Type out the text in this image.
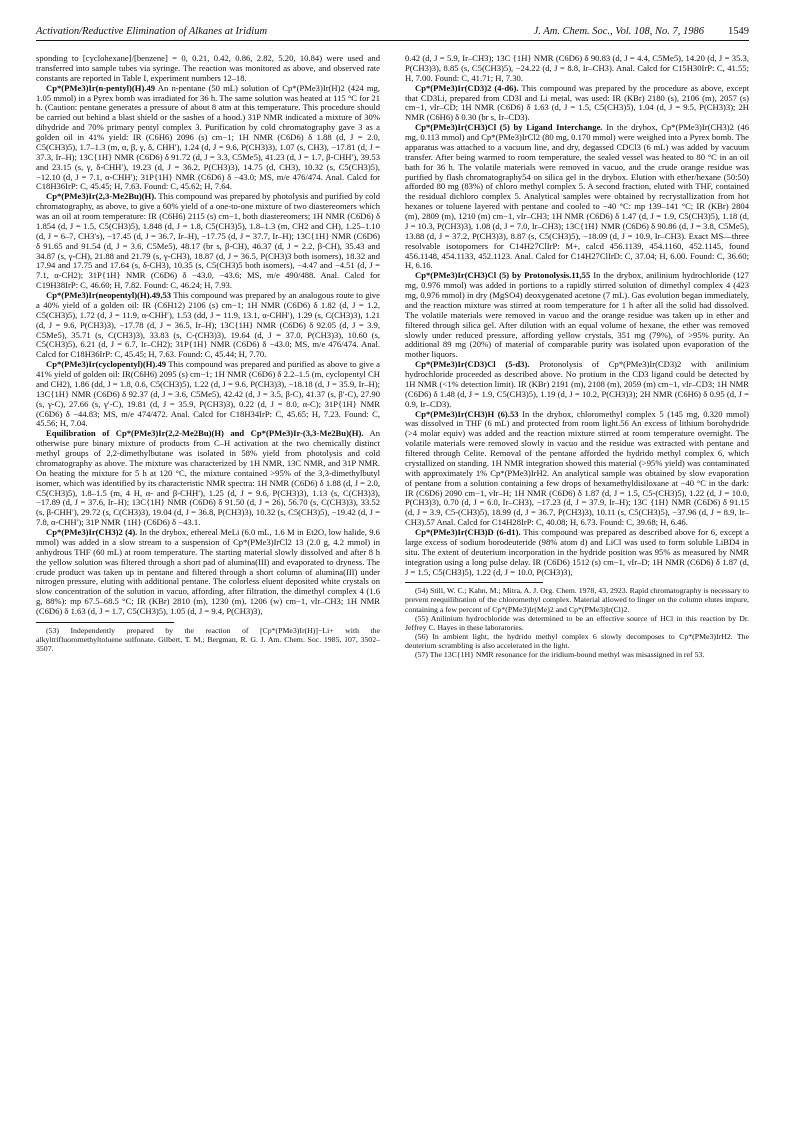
Activation/Reductive Elimination of Alkanes at Iridium	J. Am. Chem. Soc., Vol. 108, No. 7, 1986 1549

sponding to [cyclohexane]/[benzene] = 0, 0.21, 0.42, 0.86, 2.82, 5.20, 10.84) were used and transferred into sample tubes via syringe. The reaction was monitored as above, and observed rate constants are reported in Table I, experiment numbers 12–18.

Cp*(PMe3)Ir(n-pentyl)(H).49 An n-pentane (50 mL) solution of Cp*(PMe3)Ir(H)2 (424 mg, 1.05 mmol) in a Pyrex bomb was irradiated for 36 h. The same solution was heated at 115 °C for 21 h. (Caution: pentane generates a pressure of about 8 atm at this temperature. This procedure should be carried out behind a blast shield or the sashes of a hood.) 31P NMR indicated a mixture of 30% dihydride and 70% primary pentyl complex 3. Purification by cold chromatography gave 3 as a golden oil in 41% yield: IR (C6H6) 2096 (s) cm−1; 1H NMR (C6D6) δ 1.88 (d, J = 2.0, C5(CH3)5), 1.7–1.3 (m, α, β, γ, δ, CHH′), 1.24 (d, J = 9.6, P(CH3)3), 1.07 (s, CH3), −17.81 (d, J = 37.3, Ir–H); 13C{1H} NMR (C6D6) δ 91.72 (d, J = 3.3, C5Me5), 41.23 (d, J = 1.7, β-CHH′), 39.53 and 23.15 (s, γ, δ-CHH′), 19.23 (d, J = 36.2, P(CH3)3), 14.75 (d, CH3), 10.32 (s, C5(CH3)5), −12.10 (d, J = 7.1, α-CHH′); 31P{1H} NMR (C6D6) δ −43.0; MS, m/e 476/474. Anal. Calcd for C18H36IrP: C, 45.45; H, 7.63. Found: C, 45.62; H, 7.64.

Cp*(PMe3)Ir(2,3-Me2Bu)(H). This compound was prepared by photolysis and purified by cold chromatography, as above, to give a 60% yield of a one-to-one mixture of two diastereomers which was an oil at room temperature: IR (C6H6) 2115 (s) cm−1, both diastereomers; 1H NMR (C6D6) δ 1.854 (d, J = 1.5, C5(CH3)5), 1.848 (d, J = 1.8, C5(CH3)5), 1.8–1.3 (m, CH2 and CH), 1.25–1.10 (d, J = 6–7, CH3′s), −17.45 (d, J = 36.7, Ir–H), −17.75 (d, J = 37.7, Ir–H); 13C{1H} NMR (C6D6) δ 91.65 and 91.54 (d, J = 3.6, C5Me5), 48.17 (br s, β-CH), 46.37 (d, J = 2.2, β-CH), 35.43 and 34.87 (s, γ-CH), 21.88 and 21.79 (s, γ-CH3), 18.87 (d, J = 36.5, P(CH3)3 both isomers), 18.32 and 17.94 and 17.75 and 17.64 (s, δ-CH3), 10.35 (s, C5(CH3)5 both isomers), −4.47 and −4.51 (d, J = 7.1, α-CH2); 31P{1H} NMR (C6D6) δ −43.0, −43.6; MS, m/e 490/488. Anal. Calcd for C19H38IrP: C, 46.60; H, 7.82. Found: C, 46.24; H, 7.93.

Cp*(PMe3)Ir(neopentyl)(H).49,53 This compound was prepared by an analogous route to give a 40% yield of a golden oil: IR (C6H12) 2106 (s) cm−1; 1H NMR (C6D6) δ 1.82 (d, J = 1.2, C5(CH3)5), 1.72 (d, J = 11.9, α-CHH′), 1.53 (dd, J = 11.9, 13.1, α-CHH′), 1.29 (s, C(CH3)3), 1.21 (d, J = 9.6, P(CH3)3), −17.78 (d, J = 36.5, Ir–H); 13C{1H} NMR (C6D6) δ 92.05 (d, J = 3.9, C5Me5), 35.71 (s, C(CH3)3), 33.83 (s, C-(CH3)3), 19.64 (d, J = 37.0, P(CH3)3), 10.60 (s, C5(CH3)5), 6.21 (d, J = 6.7, Ir–CH2); 31P{1H} NMR (C6D6) δ −43.0; MS, m/e 476/474. Anal. Calcd for C18H36IrP: C, 45.45; H, 7.63. Found: C, 45.44; H, 7.70.

Cp*(PMe3)Ir(cyclopentyl)(H).49 This compound was prepared and purified as above to give a 41% yield of golden oil: IR(C6H6) 2095 (s) cm−1; 1H NMR (C6D6) δ 2.2–1.5 (m, cyclopentyl CH and CH2), 1.86 (dd, J = 1.8, 0.6, C5(CH3)5), 1.22 (d, J = 9.6, P(CH3)3), −18.18 (d, J = 35.9, Ir–H); 13C{1H} NMR (C6D6) δ 92.37 (d, J = 3.6, C5Me5), 42.42 (d, J = 3.5, β-C), 41.37 (s, β′-C), 27.90 (s, γ-C), 27.66 (s, γ′-C), 19.81 (d, J = 35.9, P(CH3)3), 0.22 (d, J = 8.0, α-C); 31P{1H} NMR (C6D6) δ −44.83; MS, m/e 474/472. Anal. Calcd for C18H34IrP: C, 45.65; H, 7.23. Found: C, 45.56; H, 7.04.

Equilibration of Cp*(PMe3)Ir(2,2-Me2Bu)(H) and Cp*(PMe3)Ir-(3,3-Me2Bu)(H). An otherwise pure binary mixture of products from C–H activation at the two chemically distinct methyl groups of 2,2-dimethylbutane was isolated in 58% yield from photolysis and cold chromatography as above. The mixture was characterized by 1H NMR, 13C NMR, and 31P NMR. On heating the mixture for 5 h at 120 °C, the mixture contained >95% of the 3,3-dimethylbutyl isomer, which was identified by its characteristic NMR spectra: 1H NMR (C6D6) δ 1.88 (d, J = 2.0, C5(CH3)5), 1.8–1.5 (m, 4 H, α- and β-CHH′), 1.25 (d, J = 9.6, P(CH3)3), 1.13 (s, C(CH3)3), −17.89 (d, J = 37.6, Ir–H); 13C{1H} NMR (C6D6) δ 91.50 (d, J = 26), 56.70 (s, C(CH3)3), 33.52 (s, β-CHH′), 29.72 (s, C(CH3)3), 19.04 (d, J = 36.8, P(CH3)3), 10.32 (s, C5(CH3)5), −19.42 (d, J = 7.8, α-CHH′); 31P NMR {1H} (C6D6) δ −43.1.

Cp*(PMe3)Ir(CH3)2 (4). In the drybox, ethereal MeLi (6.0 mL, 1.6 M in Et2O, low halide, 9.6 mmol) was added in a slow stream to a suspension of Cp*(PMe3)IrCl2 13 (2.0 g, 4.2 mmol) in anhydrous THF (60 mL) at room temperature. The starting material slowly dissolved and after 8 h the yellow solution was filtered through a short pad of alumina(III) and evaporated to dryness. The crude product was taken up in pentane and filtered through a short column of alumina(III) under nitrogen pressure, eluting with additional pentane. The colorless eluent deposited white crystals on slow concentration of the solution in vacuo, affording, after filtration, the dimethyl complex 4 (1.6 g, 88%): mp 67.5–68.5 °C; IR (KBr) 2810 (m), 1230 (m), 1206 (w) cm−1, νIr–CH3; 1H NMR (C6D6) δ 1.63 (d, J = 1.7, C5(CH3)5), 1.05 (d, J = 9.4, P(CH3)3),

(53) Independently prepared by the reaction of [Cp*(PMe3)Ir(H)]−Li+ with the alkyltrifluoromethyltoluene sulfonate. Gilbert, T. M.; Bergman, R. G. J. Am. Chem. Soc. 1985, 107, 3502–3507.

0.42 (d, J = 5.9, Ir–CH3); 13C {1H} NMR (C6D6) δ 90.83 (d, J = 4.4, C5Me5), 14.20 (d, J = 35.3, P(CH3)3), 8.85 (s, C5(CH3)5), −24.22 (d, J = 8.8, Ir–CH3). Anal. Calcd for C15H30IrP: C, 41.55; H, 7.00. Found: C, 41.71; H, 7.30.

Cp*(PMe3)Ir(CD3)2 (4-d6). This compound was prepared by the procedure as above, except that CD3Li, prepared from CD3I and Li metal, was used: IR (KBr) 2180 (s), 2106 (m), 2057 (s) cm−1, νIr–CD; 1H NMR (C6D6) δ 1.63 (d, J = 1.5, C5(CH3)5), 1.04 (d, J = 9.5, P(CH3)3); 2H NMR (C6H6) δ 0.30 (br s, Ir–CD3).

Cp*(PMe3)Ir(CH3)Cl (5) by Ligand Interchange. In the drybox, Cp*(PMe3)Ir(CH3)2 (46 mg, 0.113 mmol) and Cp*(PMe3)IrCl2 (80 mg, 0.170 mmol) were weighed into a Pyrex bomb. The apparatus was attached to a vacuum line, and dry, degassed CDCl3 (6 mL) was added by vacuum transfer. After being warmed to room temperature, the sealed vessel was heated to 80 °C in an oil bath for 36 h. The volatile materials were removed in vacuo, and the crude orange residue was purified by flash chromatography54 on silica gel in the drybox. Elution with ether/hexane (50:50) afforded 80 mg (83%) of chloro methyl complex 5. A second fraction, eluted with THF, contained the residual dichloro complex 5. Analytical samples were obtained by recrystallization from hot hexanes or toluene layered with pentane and cooled to −40 °C: mp 139–141 °C; IR (KBr) 2804 (m), 2809 (m), 1210 (m) cm−1, νIr–CH3; 1H NMR (C6D6) δ 1.47 (d, J = 1.9, C5(CH3)5), 1.18 (d, J = 10.3, P(CH3)3), 1.08 (d, J = 7.0, Ir–CH3); 13C{1H} NMR (C6D6) δ 90.86 (d, J = 3.8, C5Me5), 13.88 (d, J = 37.2, P(CH3)3), 8.87 (s, C5(CH3)5), −18.09 (d, J = 10.9, Ir–CH3). Exact MS—three resolvable isotopomers for C14H27ClIrP: M+, calcd 456.1139, 454.1160, 452.1145, found 456.1148, 454.1133, 452.1123. Anal. Calcd for C14H27ClIrD: C, 37.04; H, 6.00. Found: C, 36.60; H, 6.16.

Cp*(PMe3)Ir(CH3)Cl (5) by Protonolysis.11,55 In the drybox, anilinium hydrochloride (127 mg, 0.976 mmol) was added in portions to a rapidly stirred solution of dimethyl complex 4 (423 mg, 0.976 mmol) in dry (MgSO4) deoxygenated acetone (7 mL). Gas evolution began immediately, and the reaction mixture was stirred at room temperature for 1 h after all the solid had dissolved. The volatile materials were removed in vacuo and the orange residue was taken up in ether and filtered through silica gel. After dilution with an equal volume of hexane, the ether was removed slowly under reduced pressure, affording yellow crystals, 351 mg (79%), of >95% purity. An additional 89 mg (20%) of material of comparable purity was isolated upon evaporation of the mother liquors.

Cp*(PMe3)Ir(CD3)Cl (5-d3). Protonolysis of Cp*(PMe3)Ir(CD3)2 with anilinium hydrochloride proceeded as described above. No protium in the CD3 ligand could be detected by 1H NMR (<1% detection limit). IR (KBr) 2191 (m), 2108 (m), 2059 (m) cm−1, νIr–CD3; 1H NMR (C6D6) δ 1.48 (d, J = 1.9, C5(CH3)5), 1.19 (d, J = 10.2, P(CH3)3); 2H NMR (C6H6) δ 0.95 (d, J = 0.9, Ir–CD3).

Cp*(PMe3)Ir(CH3)H (6).53 In the drybox, chloromethyl complex 5 (145 mg, 0.320 mmol) was dissolved in THF (6 mL) and protected from room light.56 An excess of lithium borohydride (>4 molar equiv) was added and the reaction mixture stirred at room temperature overnight. The volatile materials were removed slowly in vacuo and the residue was extracted with pentane and filtered through Celite. Removal of the pentane afforded the hydrido methyl complex 6, which crystallized on standing. 1H NMR integration showed this material (>95% yield) was contaminated with approximately 1% Cp*(PMe3)IrH2. An analytical sample was obtained by slow evaporation of pentane from a solution containing a few drops of hexamethyldisiloxane at −40 °C in the dark: IR (C6D6) 2090 cm−1, νIr–H; 1H NMR (C6D6) δ 1.87 (d, J = 1.5, C5-(CH3)5), 1.22 (d, J = 10.0, P(CH3)3), 0.70 (d, J = 6.0, Ir–CH3), −17.23 (d, J = 37.9, Ir–H); 13C {1H} NMR (C6D6) δ 91.15 (d, J = 3.9, C5-(CH3)5), 18.99 (d, J = 36.7, P(CH3)3), 10.11 (s, C5(CH3)5), −37.96 (d, J = 8.9, Ir–CH3).57 Anal. Calcd for C14H28IrP: C, 40.08; H, 6.73. Found: C, 39.68; H, 6.46.

Cp*(PMe3)Ir(CH3)D (6-d1). This compound was prepared as described above for 6, except a large excess of sodium borodeuteride (98% atom d) and LiCl was used to form soluble LiBD4 in situ. The extent of deuterium incorporation in the hydride position was 95% as measured by NMR integration using a long pulse delay. IR (C6D6) 1512 (s) cm−1, νIr–D; 1H NMR (C6D6) δ 1.87 (d, J = 1.5, C5(CH3)5), 1.22 (d, J = 10.0, P(CH3)3),

(54) Still, W. C.; Kahn, M.; Mitra, A. J. Org. Chem. 1978, 43, 2923. Rapid chromatography is necessary to prevent reequilibration of the chloromethyl complex. Material allowed to linger on the column elutes impure, containing a few percent of Cp*(PMe3)Ir(Me)2 and Cp*(PMe3)Ir(Cl)2.

(55) Anilinium hydrochloride was determined to be an effective source of HCl in this reaction by Dr. Jeffrey C. Hayes in these laboratories.

(56) In ambient light, the hydrido methyl complex 6 slowly decomposes to Cp*(PMe3)IrH2. The deuterium scrambling is also accelerated in the light.

(57) The 13C{1H} NMR resonance for the iridium-bound methyl was misassigned in ref 53.
